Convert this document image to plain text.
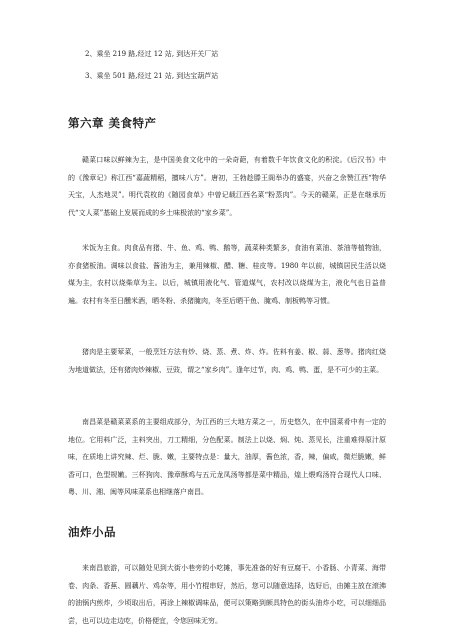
2、乘坐 219 路,经过 12 站, 到达开关厂站
3、乘坐 501 路,经过 21 站, 到达宝葫芦站
第六章 美食特产

赣菜口味以鲜辣为主，是中国美食文化中的一朵奇葩，有着数千年饮食文化的积淀。《后汉书》中的《豫章记》称江西“嘉蔬精稻，擅味八方”。唐初，王勃趁滕王阁举办的盛宴，兴奋之余赞江西“物华天宝，人杰地灵”。明代袁枚的《随园食单》中曾记载江西名菜“粉蒸肉”。今天的赣菜，正是在继承历代“文人菜”基础上发展而成的乡土味极浓的“家乡菜”。

米饭为主食。肉食品有猪、牛、鱼、鸡、鸭、鹅等，蔬菜种类繁多，食油有菜油、茶油等植物油，亦食猪板油。调味以食盐、酱油为主，兼用辣椒、醋、糖、桂皮等。1980 年以前，城镇居民生活以烧煤为主，农村以烧柴草为主。以后，城镇用液化气、管道煤气，农村改以烧煤为主，液化气也日益普遍。农村有冬至日醺米酒，晒冬粉、杀猪腌肉，冬至后晒干鱼、腌鸡、制板鸭等习惯。

猪肉是主要荤菜，一般烹饪方法有炒、烧、蒸、煮、炸、炸。佐料有姜、椒、蒜、葱等。猪肉红烧为地道做法，还有猪肉炒辣椒、豆豉，谓之“家乡肉”。逢年过节，肉、鸡、鸭、蛋，是不可少的主菜。

南昌菜是赣菜菜系的主要组成部分，为江西的三大地方菜之一，历史悠久，在中国菜肴中有一定的地位。它用料广泛，主料突出，刀工精细，分色配菜。制法上以烧、焖、炖、蒸见长，注重难得原汁原味，在质地上讲究辣、烂、脆、嫩，主要特点是：量大，油厚，酱色浓，香，辣，偏咸，微烂脆嫩，鲜香可口，色型规嫩。三杯狗肉、豫章酥鸡与五元龙凤汤等都是菜中精品，煌上煨鸡汤符合现代人口味、粤、川、湘、闽等风味菜系也相继落户南昌。

油炸小品

来南昌旅游，可以随处见到大街小巷旁的小吃摊，事先准备的好有豆腐干、小香肠、小青菜、海带卷、肉条、香蕉、圆藕片、鸡杂等，用小竹棍串好，然后，您可以随意选择，选好后，由摊主放在滚沸的油锅内煎炸，少顷取出后，再涂上辣椒调味品，便可以策略到颇具特色的街头油炸小吃，可以细细品尝，也可以边走边吃，价格便宜，令您回味无穷。
